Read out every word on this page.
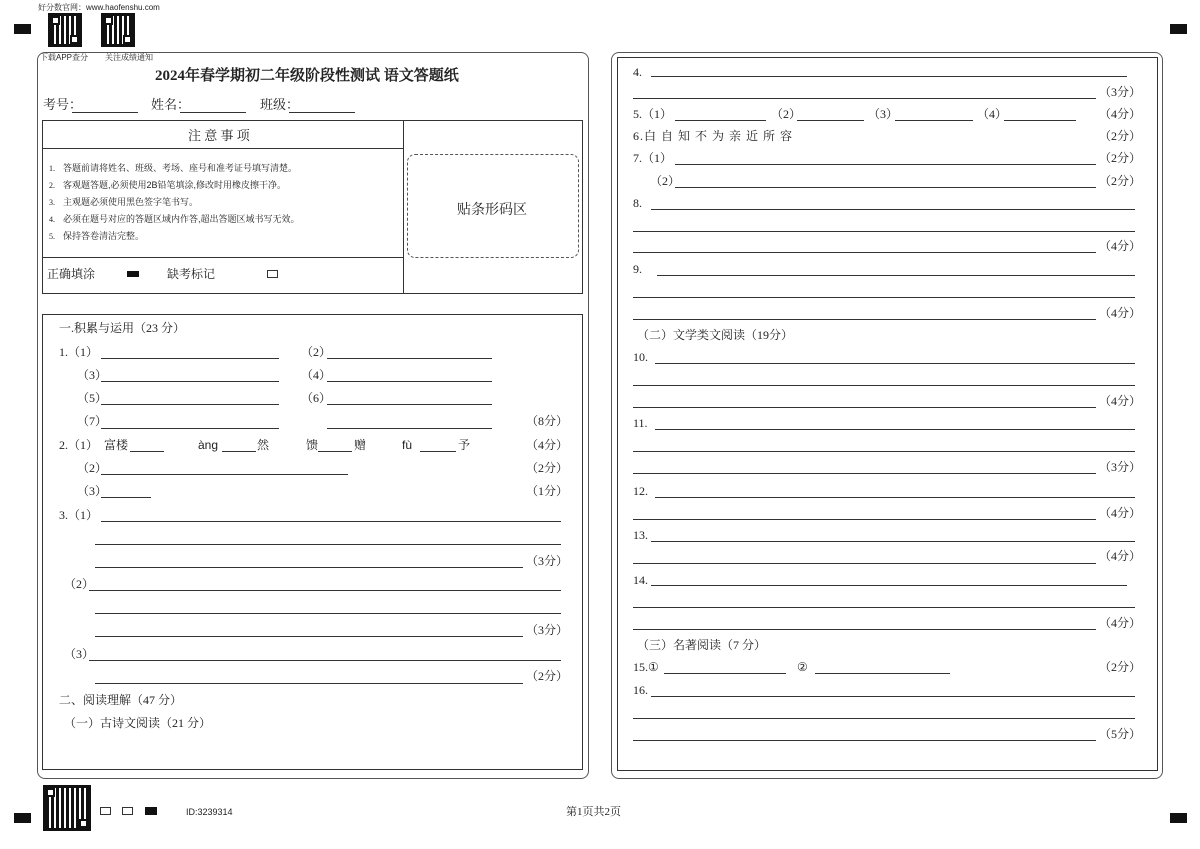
好分数官网：www.haofenshu.com
下载APP查分 关注成绩通知
2024年春学期初二年级阶段性测试 语文答题纸
考号：	姓名：	班级：
注 意 事 项
1. 答题前请将姓名、班级、考场、座号和准考证号填写清楚。
2. 客观题答题,必须使用2B铅笔填涂,修改时用橡皮擦干净。
3. 主观题必须使用黑色签字笔书写。
4. 必须在题号对应的答题区域内作答,超出答题区域书写无效。
5. 保持答卷清洁完整。
正确填涂	缺考标记
贴条形码区
一.积累与运用（23 分）
1.（1）	（2）
（3）	（4）
（5）	（6）
（7）	（8分）
2.（1） 富楼	àng	然	馈	赠	fù	予	（4分）
（2）	（2分）
（3）	（1分）
3.（1）
（3分）
（2）
（3分）
（3）
（2分）
二、阅读理解（47 分）
（一）古诗文阅读（21 分）
4.
（3分）
5.（1）	（2）	（3）	（4）	（4分）
6.白 自 知 不 为 亲 近 所 容	（2分）
7.（1）	（2分）
（2）	（2分）
8.
（4分）
9.
（4分）
（二）文学类文阅读（19分）
10.
（4分）
11.
（3分）
12.
（4分）
13.
（4分）
14.
（4分）
（三）名著阅读（7 分）
15.①	②	（2分）
16.
（5分）
ID:3239314	第1页共2页
